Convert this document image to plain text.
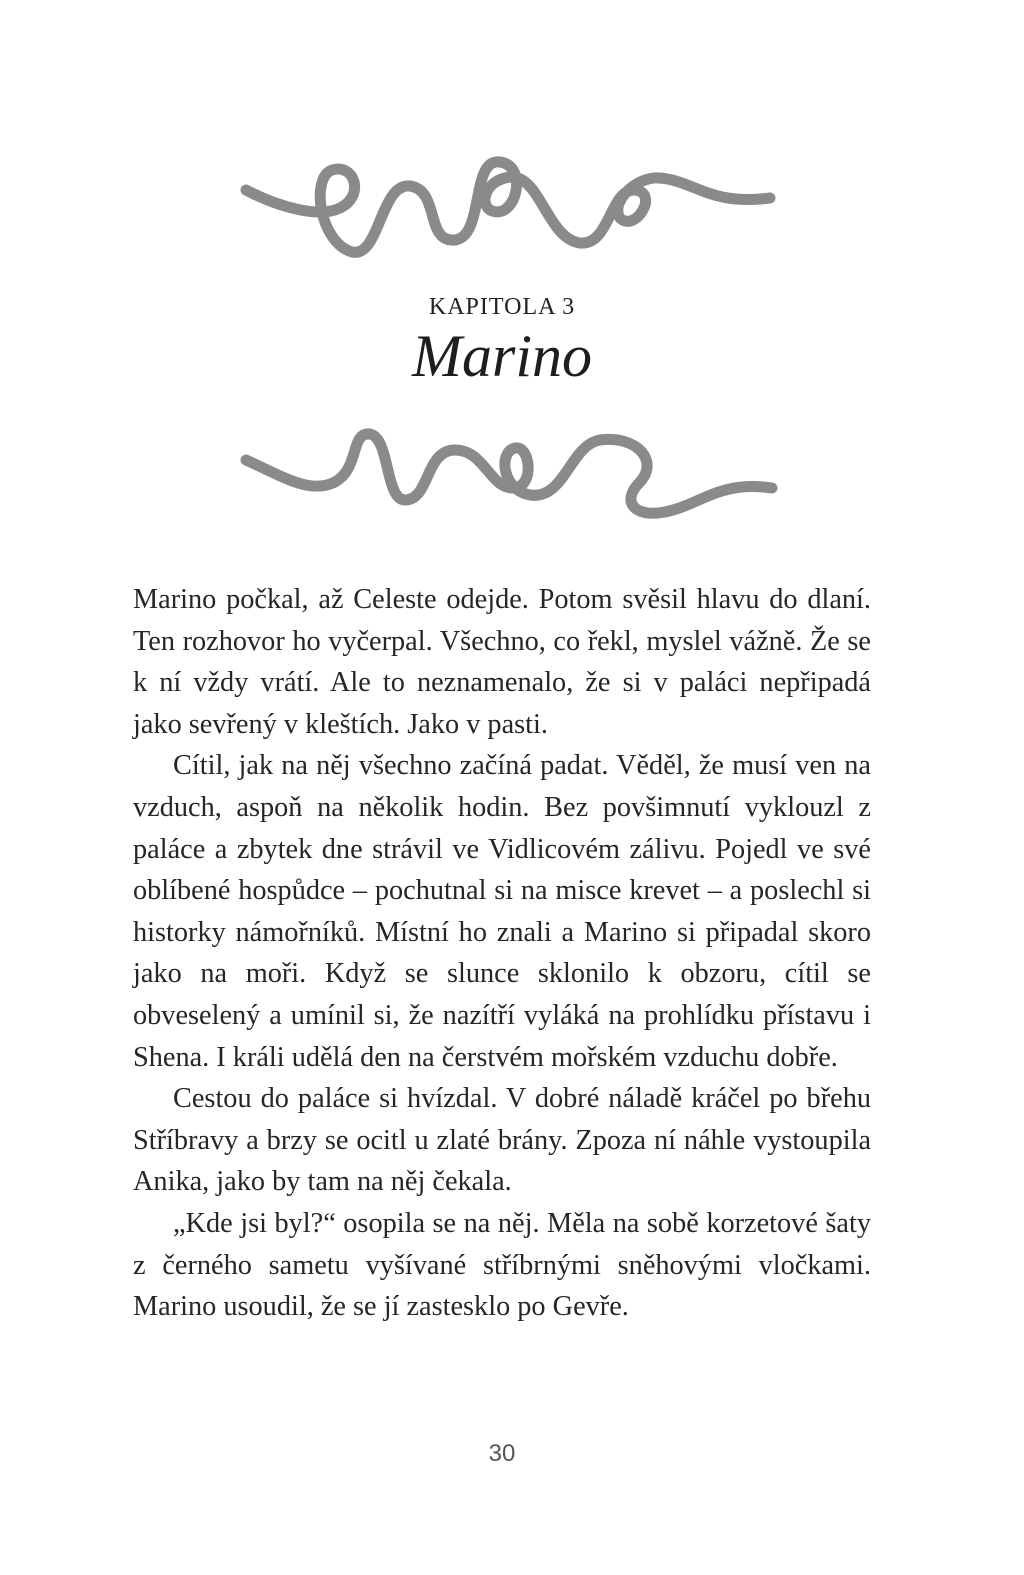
KAPITOLA 3
Marino

Marino počkal, až Celeste odejde. Potom svěsil hlavu do dlaní. Ten rozhovor ho vyčerpal. Všechno, co řekl, myslel vážně. Že se k ní vždy vrátí. Ale to neznamenalo, že si v paláci nepřipadá jako sevřený v kleštích. Jako v pasti.

Cítil, jak na něj všechno začíná padat. Věděl, že musí ven na vzduch, aspoň na několik hodin. Bez povšimnutí vyklouzl z paláce a zbytek dne strávil ve Vidlicovém zálivu. Pojedl ve své oblíbené hospůdce – pochutnal si na misce krevet – a poslechl si historky námořníků. Místní ho znali a Marino si připadal skoro jako na moři. Když se slunce sklonilo k obzoru, cítil se obveselený a umínil si, že nazítří vyláká na prohlídku přístavu i Shena. I králi udělá den na čerstvém mořském vzduchu dobře.

Cestou do paláce si hvízdal. V dobré náladě kráčel po břehu Stříbravy a brzy se ocitl u zlaté brány. Zpoza ní náhle vystoupila Anika, jako by tam na něj čekala.

„Kde jsi byl?“ osopila se na něj. Měla na sobě korzetové šaty z černého sametu vyšívané stříbrnými sněhovými vločkami. Marino usoudil, že se jí zastesklo po Gevře.

30
